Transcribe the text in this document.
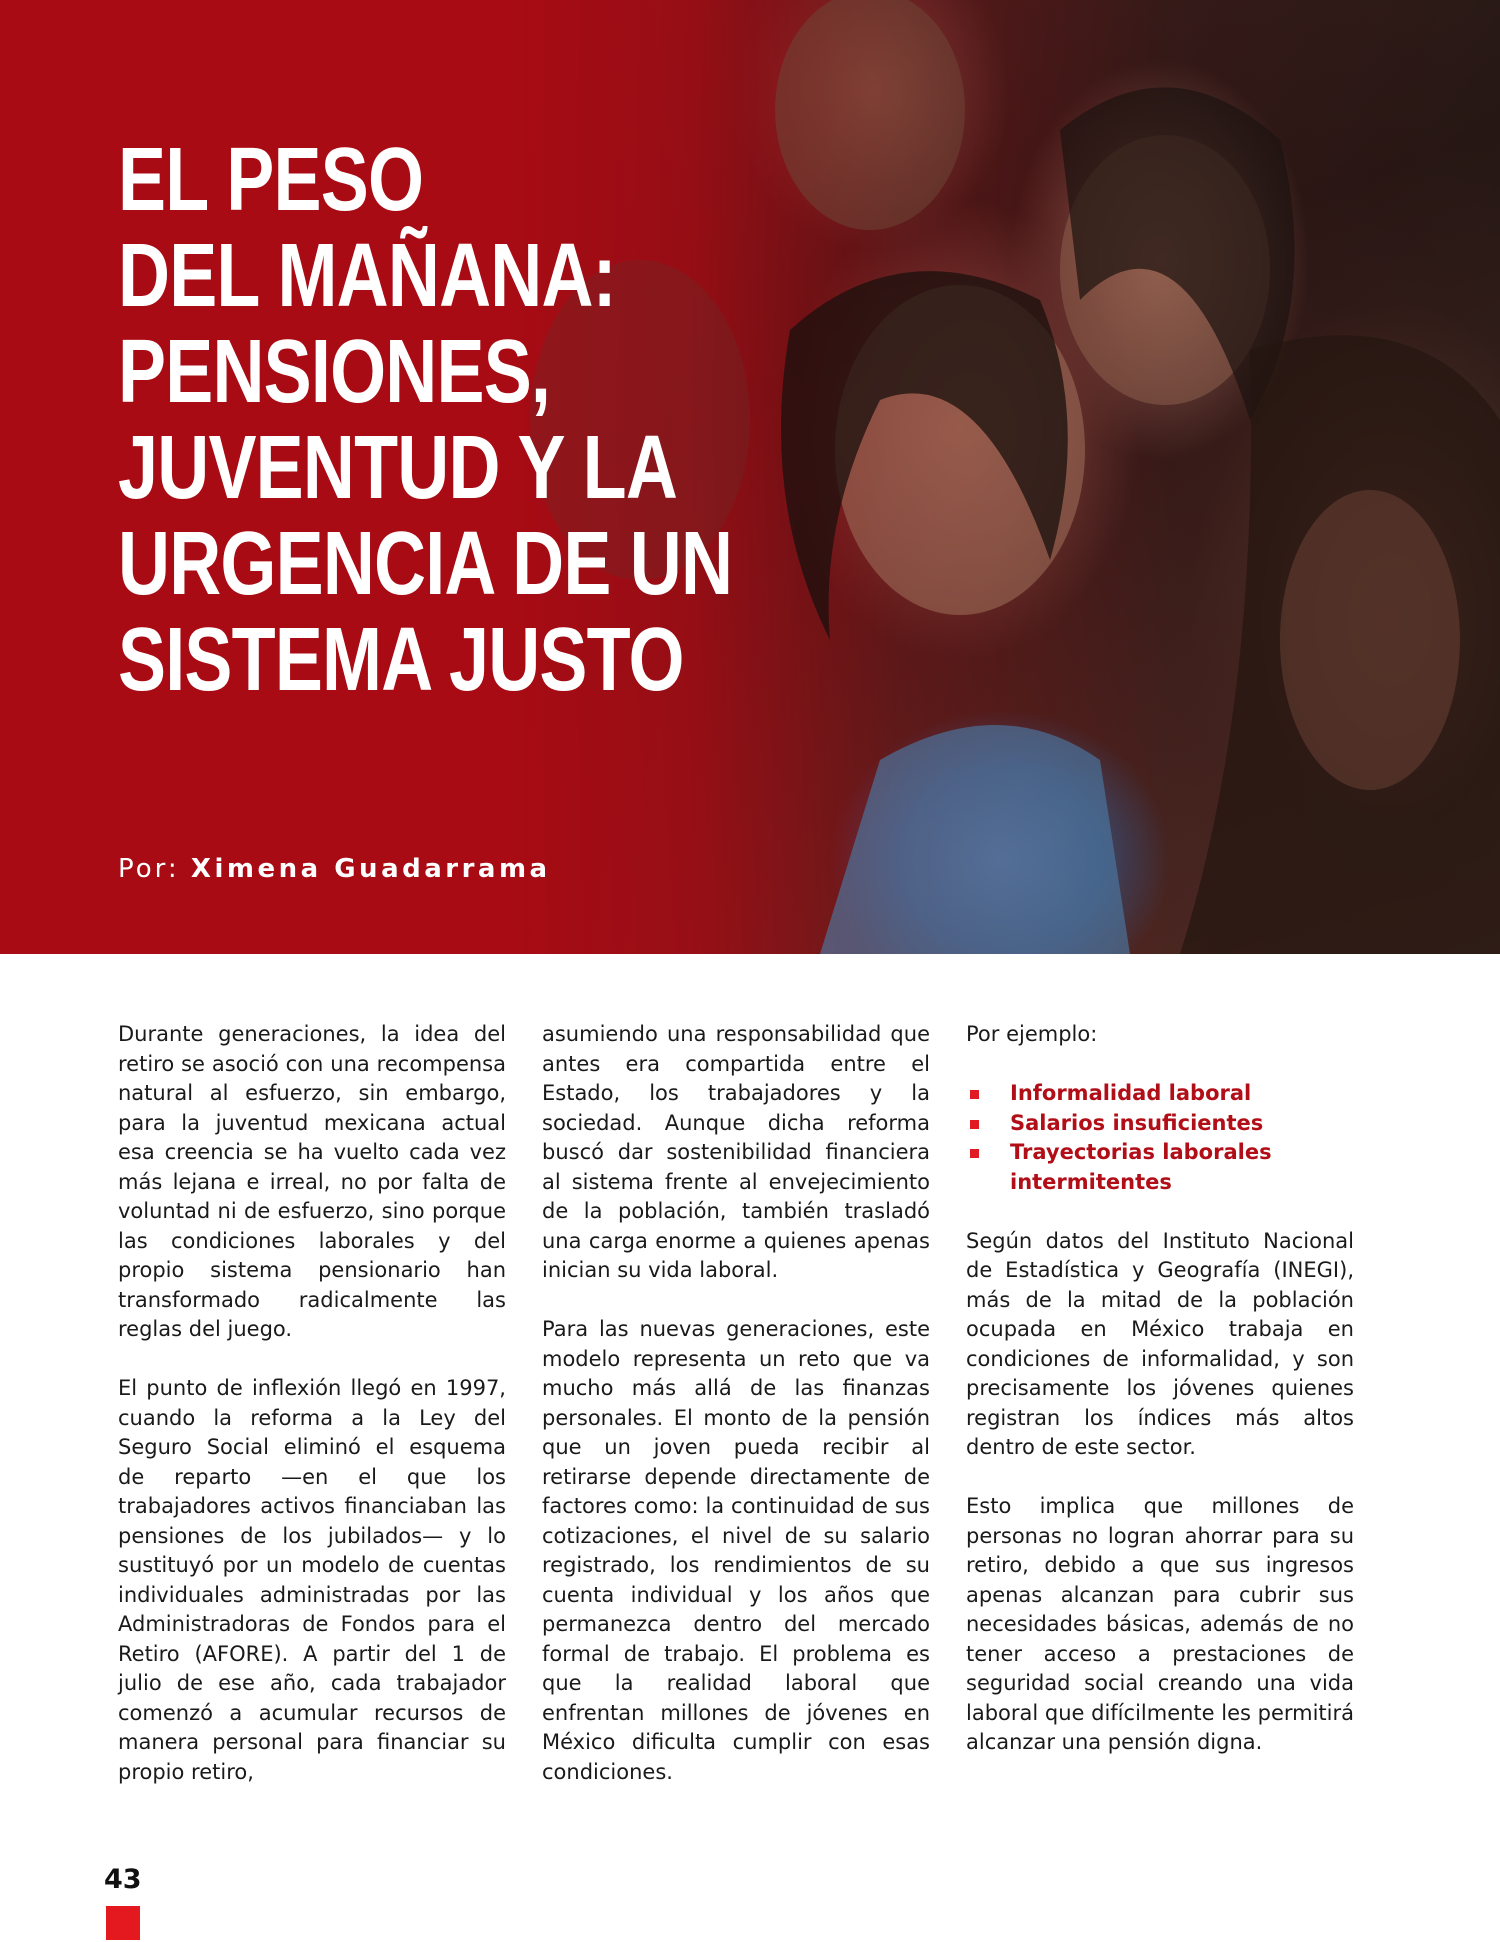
EL PESO
DEL MAÑANA:
PENSIONES,
JUVENTUD Y LA
URGENCIA DE UN
SISTEMA JUSTO
Por: Ximena Guadarrama

Durante generaciones, la idea del retiro se asoció con una recompensa natural al esfuerzo, sin embargo, para la juventud mexicana actual esa creencia se ha vuelto cada vez más lejana e irreal, no por falta de voluntad ni de esfuerzo, sino porque las condiciones laborales y del propio sistema pensionario han transformado radicalmente las reglas del juego.

El punto de inflexión llegó en 1997, cuando la reforma a la Ley del Seguro Social eliminó el esquema de reparto —en el que los trabajadores activos financiaban las pensiones de los jubilados— y lo sustituyó por un modelo de cuentas individuales administradas por las Administradoras de Fondos para el Retiro (AFORE). A partir del 1 de julio de ese año, cada trabajador comenzó a acumular recursos de manera personal para financiar su propio retiro,

asumiendo una responsabilidad que antes era compartida entre el Estado, los trabajadores y la sociedad. Aunque dicha reforma buscó dar sostenibilidad financiera al sistema frente al envejecimiento de la población, también trasladó una carga enorme a quienes apenas inician su vida laboral.

Para las nuevas generaciones, este modelo representa un reto que va mucho más allá de las finanzas personales. El monto de la pensión que un joven pueda recibir al retirarse depende directamente de factores como: la continuidad de sus cotizaciones, el nivel de su salario registrado, los rendimientos de su cuenta individual y los años que permanezca dentro del mercado formal de trabajo. El problema es que la realidad laboral que enfrentan millones de jóvenes en México dificulta cumplir con esas condiciones.

Por ejemplo:

Informalidad laboral
Salarios insuficientes
Trayectorias laborales intermitentes

Según datos del Instituto Nacional de Estadística y Geografía (INEGI), más de la mitad de la población ocupada en México trabaja en condiciones de informalidad, y son precisamente los jóvenes quienes registran los índices más altos dentro de este sector.

Esto implica que millones de personas no logran ahorrar para su retiro, debido a que sus ingresos apenas alcanzan para cubrir sus necesidades básicas, además de no tener acceso a prestaciones de seguridad social creando una vida laboral que difícilmente les permitirá alcanzar una pensión digna.

43
